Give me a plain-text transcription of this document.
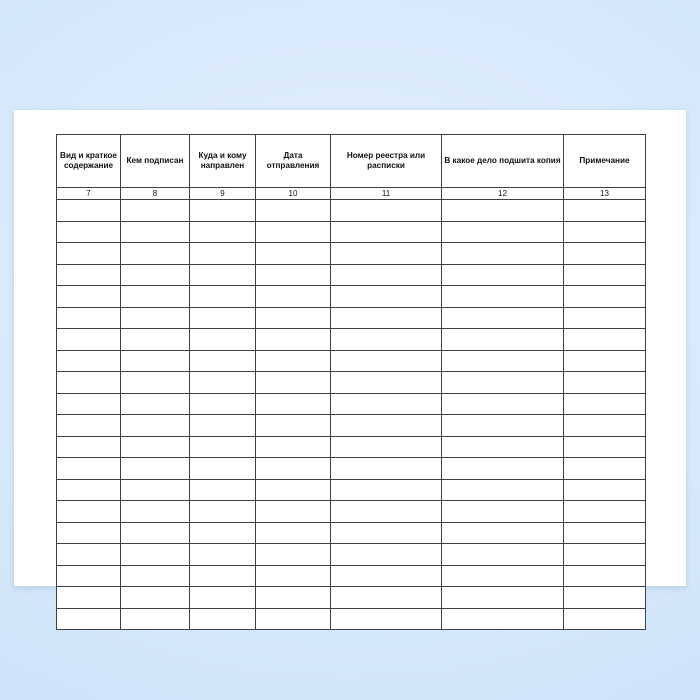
Вид и краткое содержание	Кем подписан	Куда и кому направлен	Дата отправления	Номер реестра или расписки	В какое дело подшита копия	Примечание
7	8	9	10	11	12	13
